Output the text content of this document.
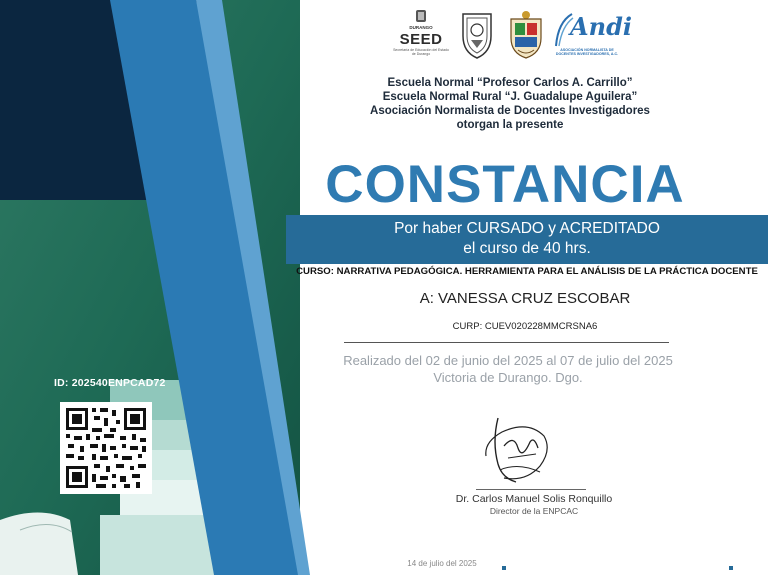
ID: 202540ENPCAD72
DURANGO
SEED
Secretaría de Educación del Estado de Durango
Andi
ASOCIACIÓN NORMALISTA DE DOCENTES INVESTIGADORES, A.C.
Escuela Normal “Profesor Carlos A. Carrillo”
Escuela Normal Rural “J. Guadalupe Aguilera”
Asociación Normalista de Docentes Investigadores
otorgan la presente
CONSTANCIA
Por haber CURSADO y ACREDITADO
el curso de 40 hrs.
CURSO: NARRATIVA PEDAGÓGICA. HERRAMIENTA PARA EL ANÁLISIS DE LA PRÁCTICA DOCENTE
A: VANESSA CRUZ ESCOBAR
CURP: CUEV020228MMCRSNA6
Realizado del 02 de junio del 2025 al 07 de julio del 2025
Victoria de Durango. Dgo.
Dr. Carlos Manuel Solis Ronquillo
Director de la ENPCAC
14 de julio del 2025
